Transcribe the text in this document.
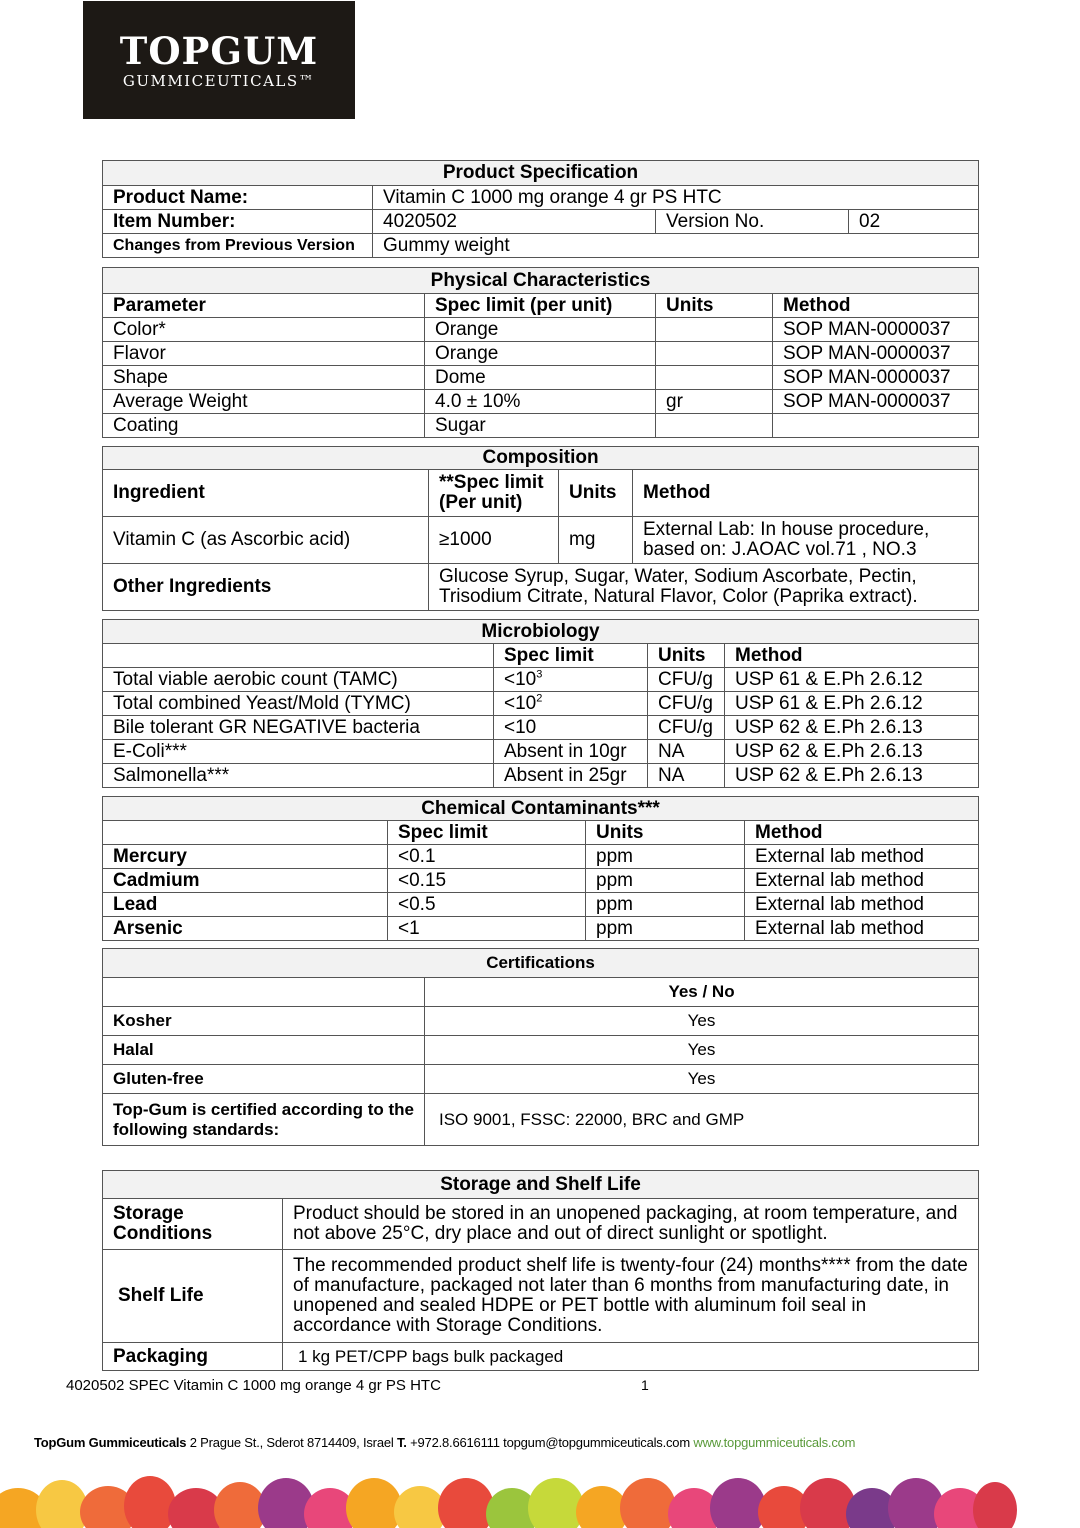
TOPGUM
GUMMICEUTICALS™
Product Specification			
Product Name:	Vitamin C 1000 mg orange 4 gr PS HTC		
Item Number:	4020502	Version No.	02
Changes from Previous Version	Gummy weight		
Physical Characteristics			
Parameter	Spec limit (per unit)	Units	Method
Color*	Orange		SOP MAN-0000037
Flavor	Orange		SOP MAN-0000037
Shape	Dome		SOP MAN-0000037
Average Weight	4.0 ± 10%	gr	SOP MAN-0000037
Coating	Sugar		
Composition			
Ingredient	**Spec limit (Per unit)	Units	Method
Vitamin C (as Ascorbic acid)	≥1000	mg	External Lab: In house procedure, based on: J.AOAC vol.71 , NO.3
Other Ingredients	Glucose Syrup, Sugar, Water, Sodium Ascorbate, Pectin, Trisodium Citrate, Natural Flavor, Color (Paprika extract).		
Microbiology			
	Spec limit	Units	Method
Total viable aerobic count (TAMC)	$<10^3$	CFU/g	USP 61 & E.Ph 2.6.12
Total combined Yeast/Mold (TYMC)	$<10^2$	CFU/g	USP 61 & E.Ph 2.6.12
Bile tolerant GR NEGATIVE bacteria	<10	CFU/g	USP 62 & E.Ph 2.6.13
E-Coli***	Absent in 10gr	NA	USP 62 & E.Ph 2.6.13
Salmonella***	Absent in 25gr	NA	USP 62 & E.Ph 2.6.13
Chemical Contaminants***			
	Spec limit	Units	Method
Mercury	<0.1	ppm	External lab method
Cadmium	<0.15	ppm	External lab method
Lead	<0.5	ppm	External lab method
Arsenic	<1	ppm	External lab method
Certifications	
	Yes / No
Kosher	Yes
Halal	Yes
Gluten-free	Yes
Top-Gum is certified according to the following standards:	ISO 9001, FSSC: 22000, BRC and GMP
Storage and Shelf Life	
Storage Conditions	Product should be stored in an unopened packaging, at room temperature, and not above 25°C, dry place and out of direct sunlight or spotlight.
Shelf Life	The recommended product shelf life is twenty-four (24) months**** from the date of manufacture, packaged not later than 6 months from manufacturing date, in unopened and sealed HDPE or PET bottle with aluminum foil seal in accordance with Storage Conditions.
Packaging	1 kg PET/CPP bags bulk packaged
4020502 SPEC Vitamin C 1000 mg orange 4 gr PS HTC	1
TopGum Gummiceuticals 2 Prague St., Sderot 8714409, Israel T. +972.8.6616111 topgum@topgummiceuticals.com www.topgummiceuticals.com
